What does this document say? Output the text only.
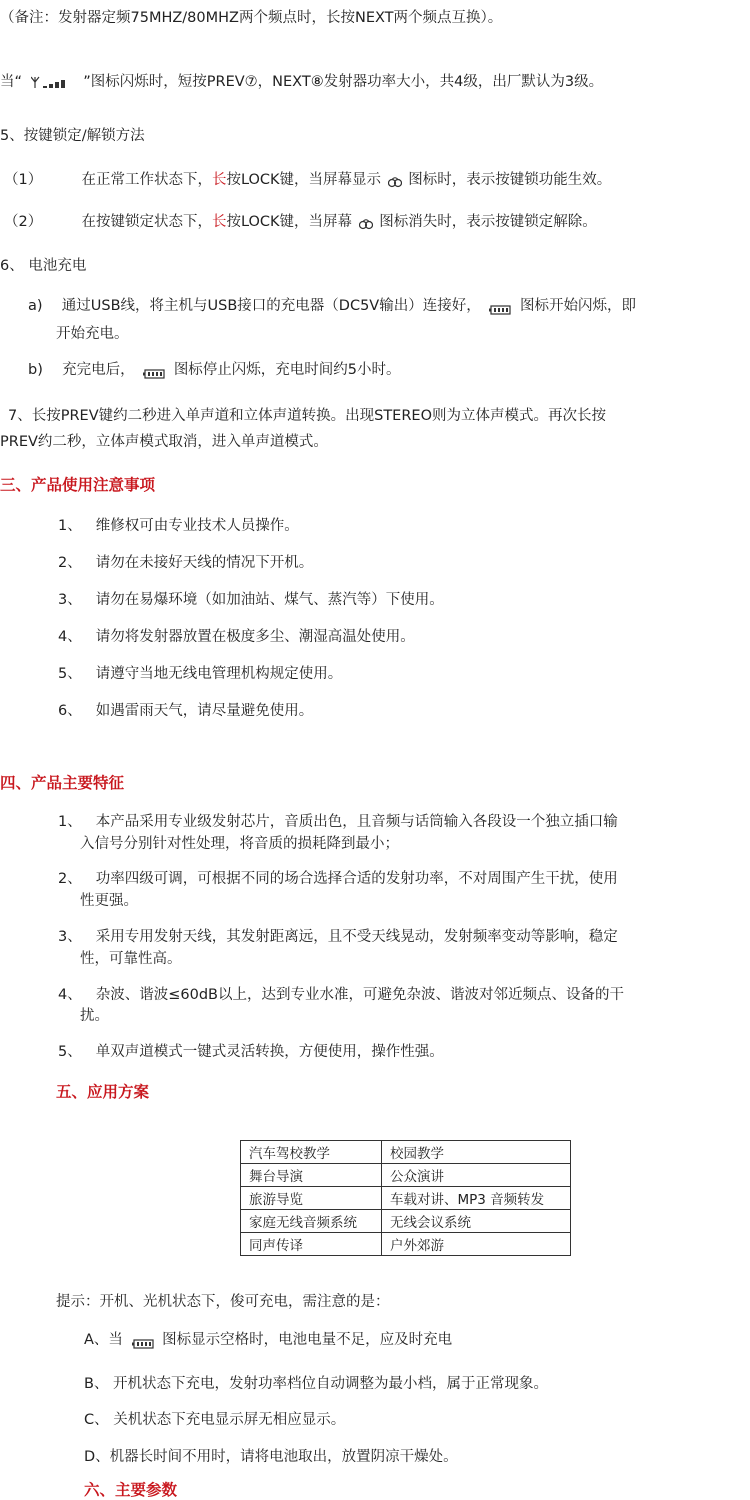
（备注：发射器定频75MHZ/80MHZ两个频点时，长按NEXT两个频点互换）。
当“	”图标闪烁时，短按PREV⑦，NEXT⑧发射器功率大小，共4级，出厂默认为3级。
5、按键锁定/解锁方法
（1）	在正常工作状态下，长按LOCK键，当屏幕显示 图标时，表示按键锁功能生效。
（2）	在按键锁定状态下，长按LOCK键，当屏幕 图标消失时，表示按键锁定解除。
6、 电池充电
a) 通过USB线，将主机与USB接口的充电器（DC5V输出）连接好，	图标开始闪烁，即
开始充电。
b) 充完电后，	图标停止闪烁，充电时间约5小时。
7、长按PREV键约二秒进入单声道和立体声道转换。出现STEREO则为立体声模式。再次长按
PREV约二秒，立体声模式取消，进入单声道模式。
三、产品使用注意事项
1、 维修权可由专业技术人员操作。
2、 请勿在未接好天线的情况下开机。
3、 请勿在易爆环境（如加油站、煤气、蒸汽等）下使用。
4、 请勿将发射器放置在极度多尘、潮湿高温处使用。
5、 请遵守当地无线电管理机构规定使用。
6、 如遇雷雨天气，请尽量避免使用。
四、产品主要特征
1、 本产品采用专业级发射芯片，音质出色，且音频与话筒输入各段设一个独立插口输
入信号分别针对性处理，将音质的损耗降到最小；
2、 功率四级可调，可根据不同的场合选择合适的发射功率，不对周围产生干扰，使用
性更强。
3、 采用专用发射天线，其发射距离远，且不受天线晃动，发射频率变动等影响，稳定
性，可靠性高。
4、 杂波、谐波≤60dB以上，达到专业水准，可避免杂波、谐波对邻近频点、设备的干
扰。
5、 单双声道模式一键式灵活转换，方便使用，操作性强。
五、应用方案
汽车驾校教学	校园教学
舞台导演	公众演讲
旅游导览	车载对讲、MP3 音频转发
家庭无线音频系统	无线会议系统
同声传译	户外郊游
提示：开机、光机状态下，俊可充电，需注意的是：
A、当	图标显示空格时，电池电量不足，应及时充电
B、 开机状态下充电，发射功率档位自动调整为最小档，属于正常现象。
C、 关机状态下充电显示屏无相应显示。
D、机器长时间不用时，请将电池取出，放置阴凉干燥处。
六、主要参数
